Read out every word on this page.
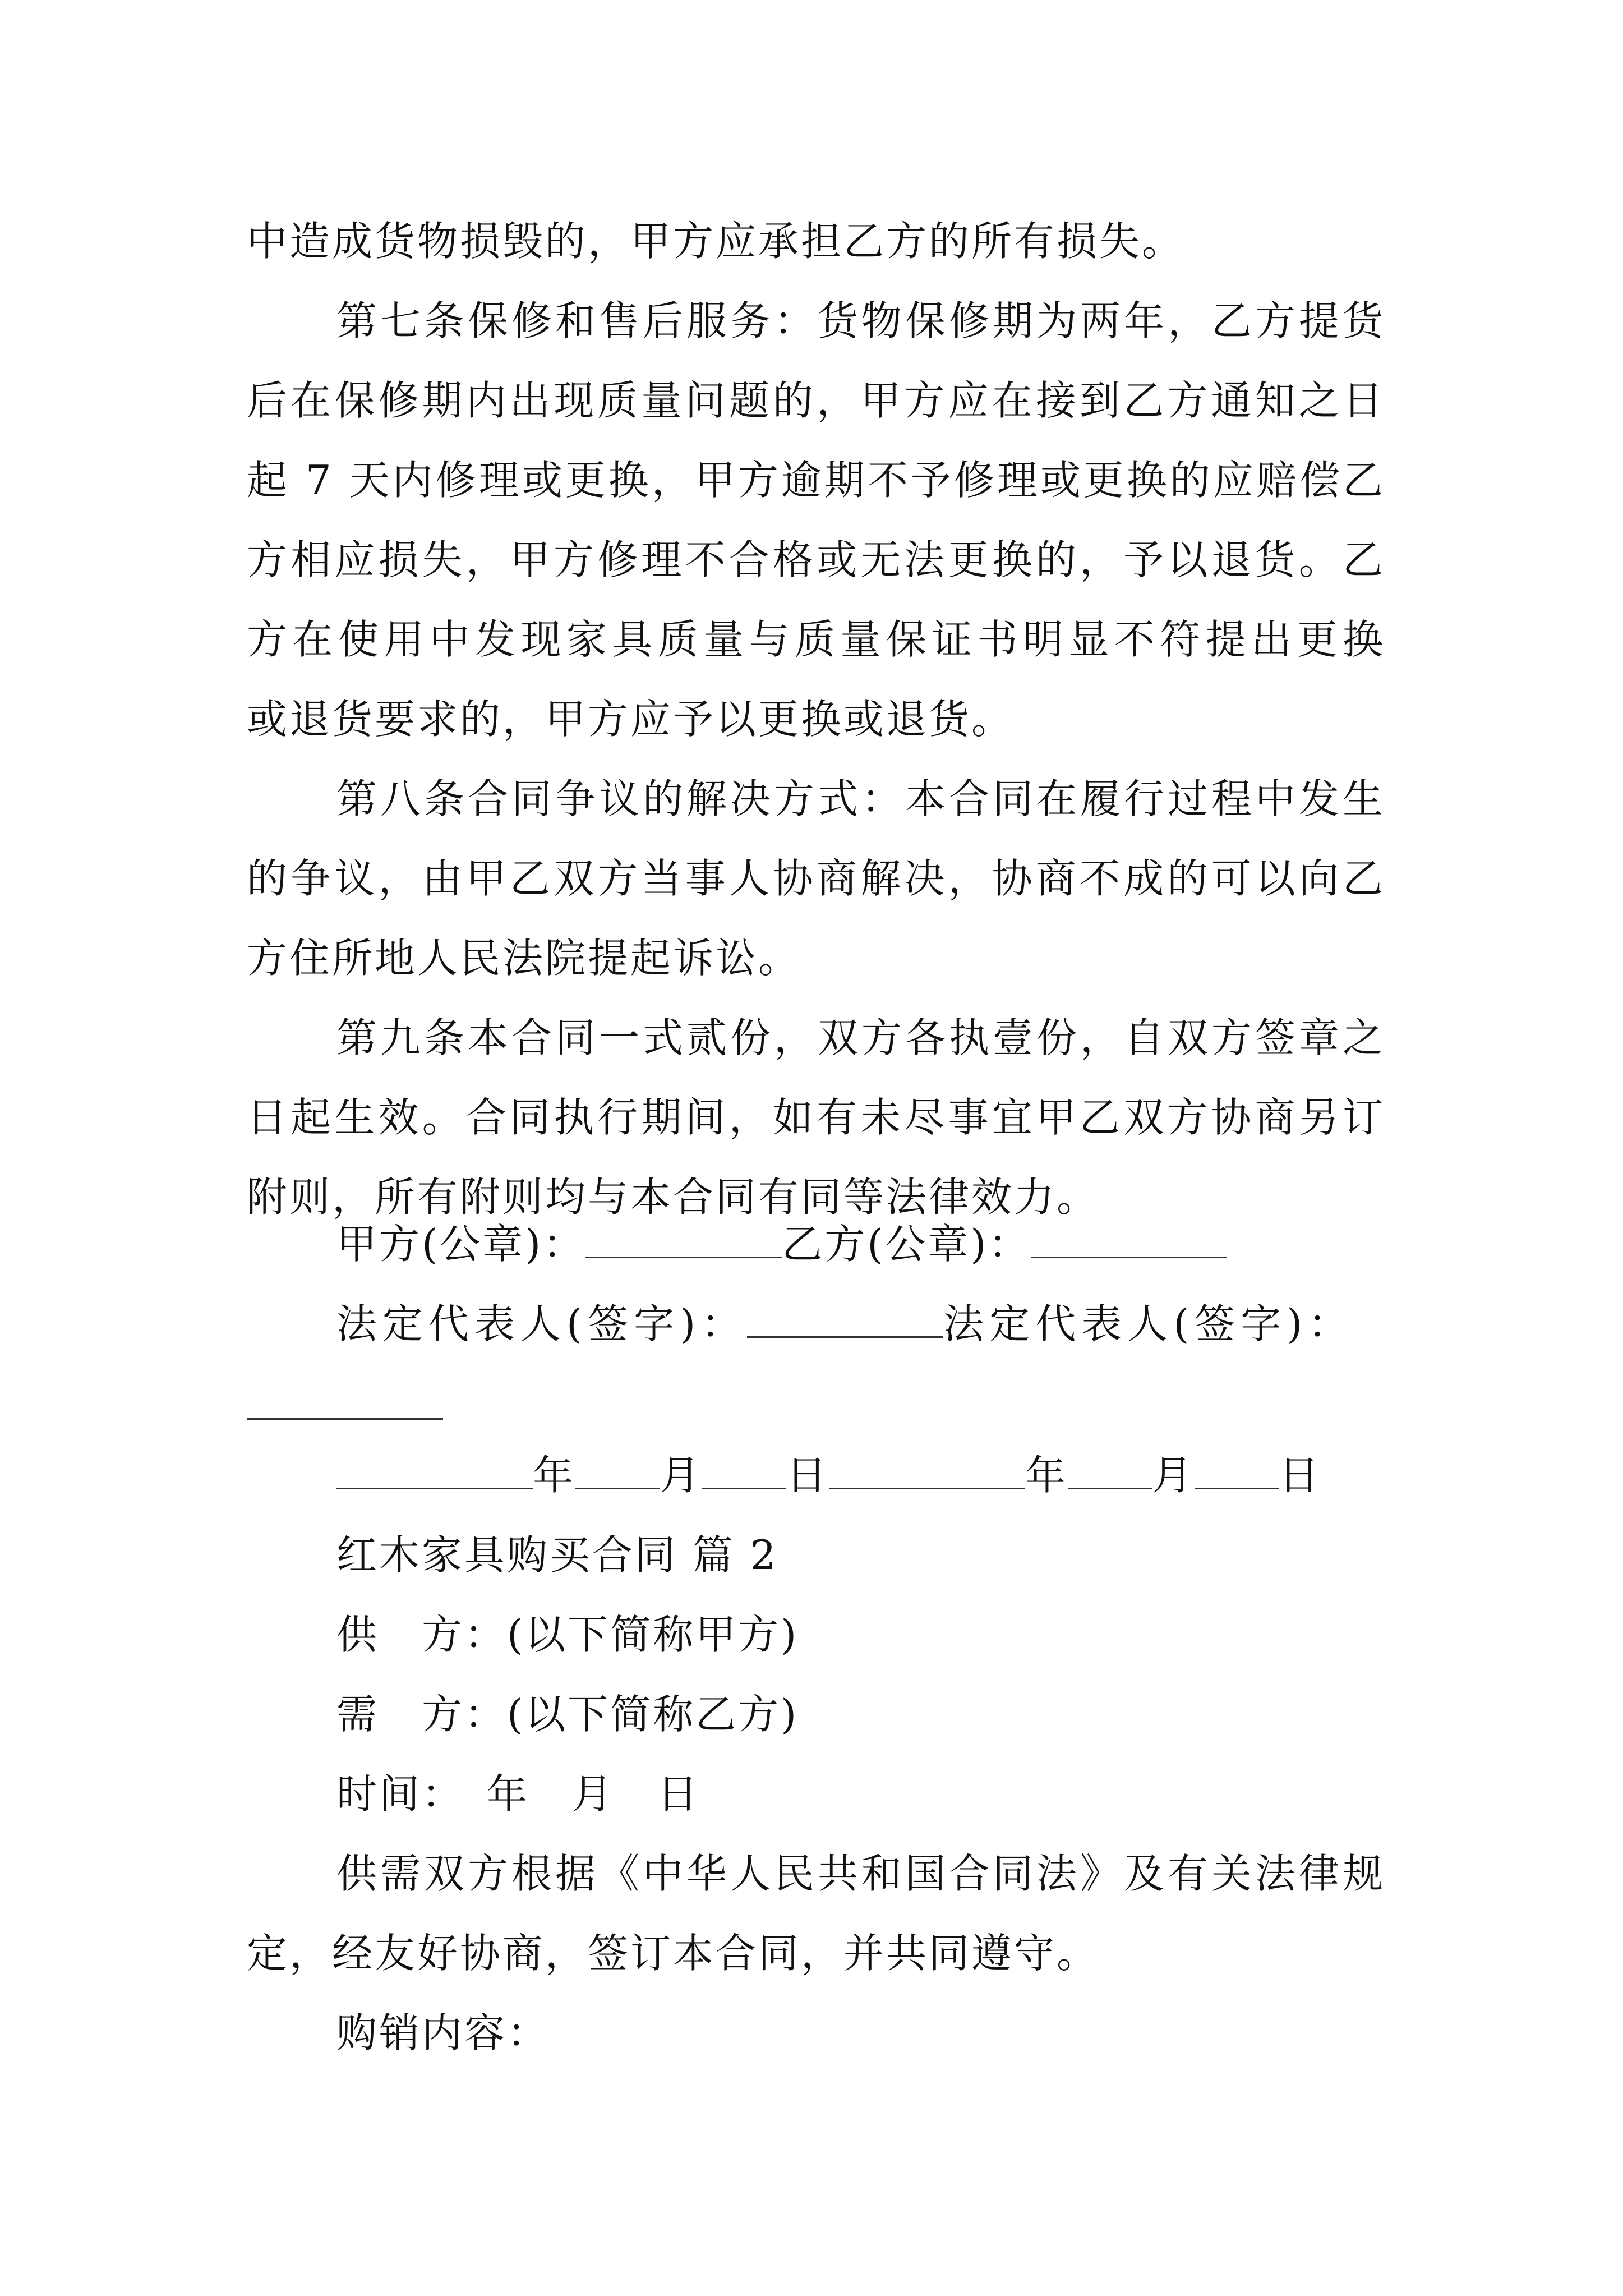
中造成货物损毁的，甲方应承担乙方的所有损失。
第七条保修和售后服务：货物保修期为两年，乙方提货
后在保修期内出现质量问题的，甲方应在接到乙方通知之日
起 7 天内修理或更换，甲方逾期不予修理或更换的应赔偿乙
方相应损失，甲方修理不合格或无法更换的，予以退货。乙
方在使用中发现家具质量与质量保证书明显不符提出更换
或退货要求的，甲方应予以更换或退货。
第八条合同争议的解决方式：本合同在履行过程中发生
的争议，由甲乙双方当事人协商解决，协商不成的可以向乙
方住所地人民法院提起诉讼。
第九条本合同一式贰份，双方各执壹份，自双方签章之
日起生效。合同执行期间，如有未尽事宜甲乙双方协商另订
附则，所有附则均与本合同有同等法律效力。
甲方(公章)：	乙方(公章)：
法定代表人(签字)：	法定代表人(签字)：
年 月 日	年 月 日
红木家具购买合同 篇 2
供　方：(以下简称甲方)
需　方：(以下简称乙方)
时间：　年　月　日
供需双方根据《中华人民共和国合同法》及有关法律规
定，经友好协商，签订本合同，并共同遵守。
购销内容：
